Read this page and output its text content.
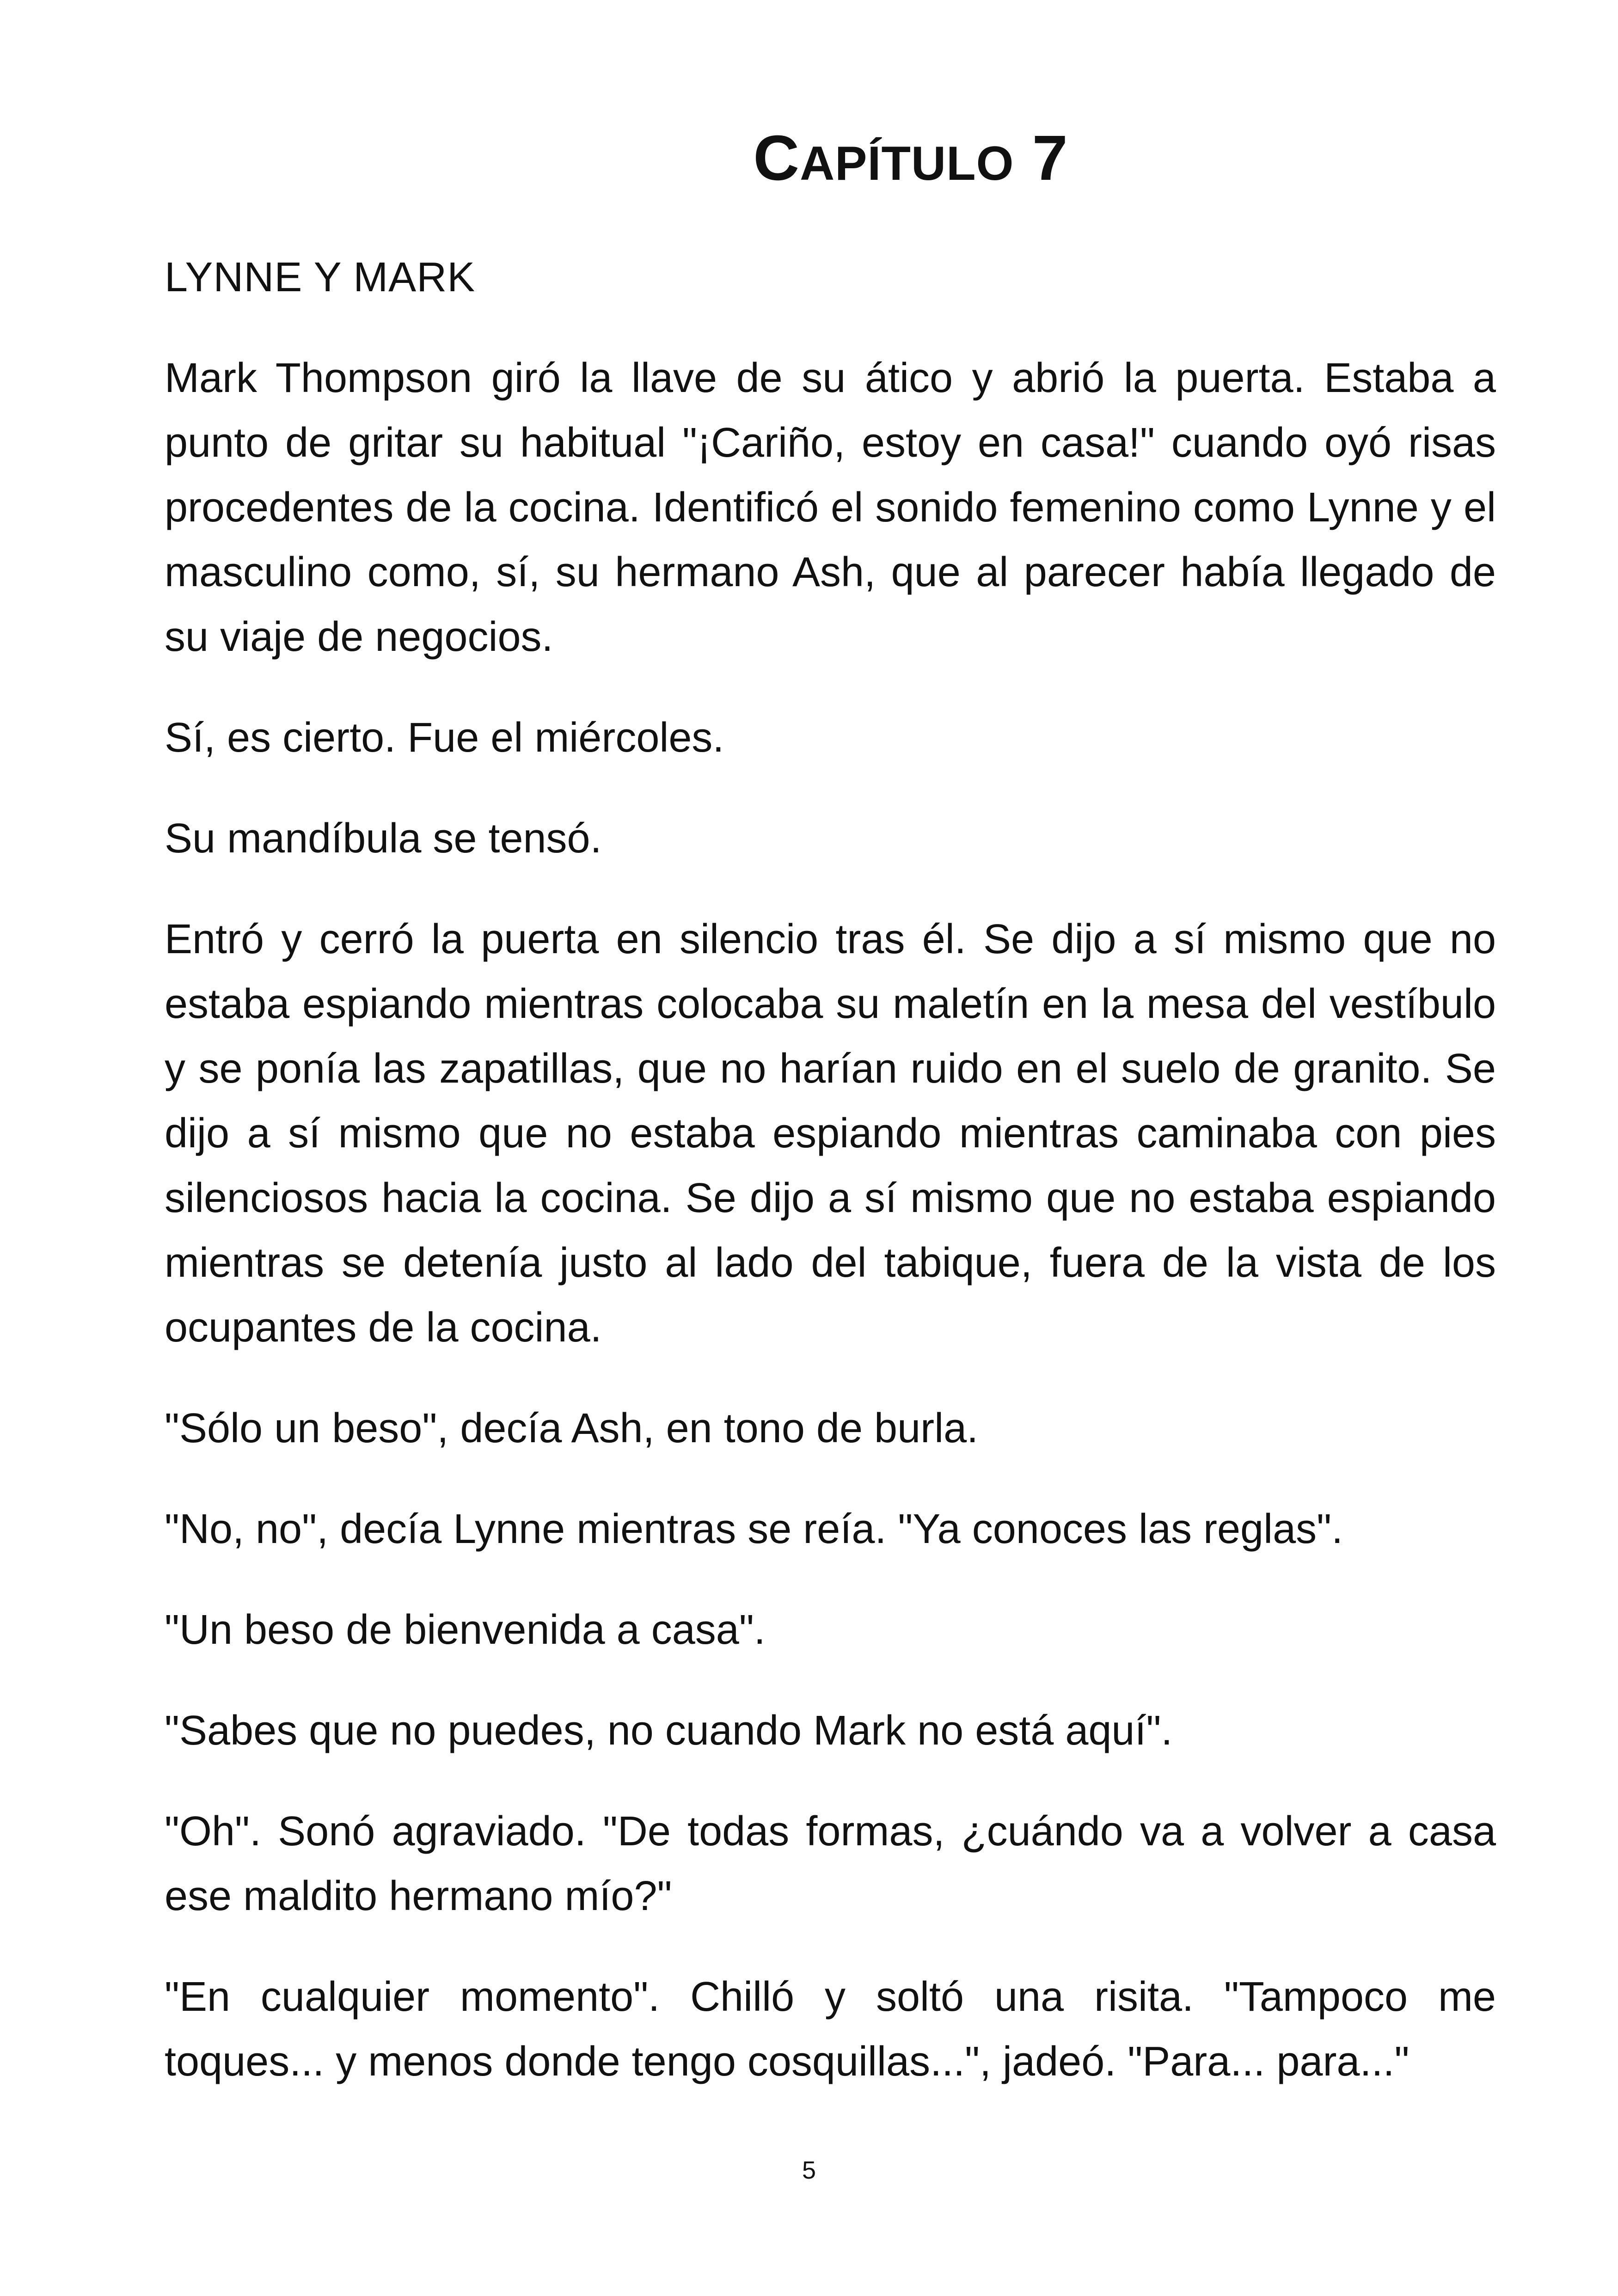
CAPÍTULO 7

LYNNE Y MARK

Mark Thompson giró la llave de su ático y abrió la puerta. Estaba a punto de gritar su habitual "¡Cariño, estoy en casa!" cuando oyó risas procedentes de la cocina. Identificó el sonido femenino como Lynne y el masculino como, sí, su hermano Ash, que al parecer había llegado de su viaje de negocios.

Sí, es cierto. Fue el miércoles.

Su mandíbula se tensó.

Entró y cerró la puerta en silencio tras él. Se dijo a sí mismo que no estaba espiando mientras colocaba su maletín en la mesa del vestíbulo y se ponía las zapatillas, que no harían ruido en el suelo de granito. Se dijo a sí mismo que no estaba espiando mientras caminaba con pies silenciosos hacia la cocina. Se dijo a sí mismo que no estaba espiando mientras se detenía justo al lado del tabique, fuera de la vista de los ocupantes de la cocina.

"Sólo un beso", decía Ash, en tono de burla.

"No, no", decía Lynne mientras se reía. "Ya conoces las reglas".

"Un beso de bienvenida a casa".

"Sabes que no puedes, no cuando Mark no está aquí".

"Oh". Sonó agraviado. "De todas formas, ¿cuándo va a volver a casa ese maldito hermano mío?"

"En cualquier momento". Chilló y soltó una risita. "Tampoco me toques... y menos donde tengo cosquillas...", jadeó. "Para... para..."

5
